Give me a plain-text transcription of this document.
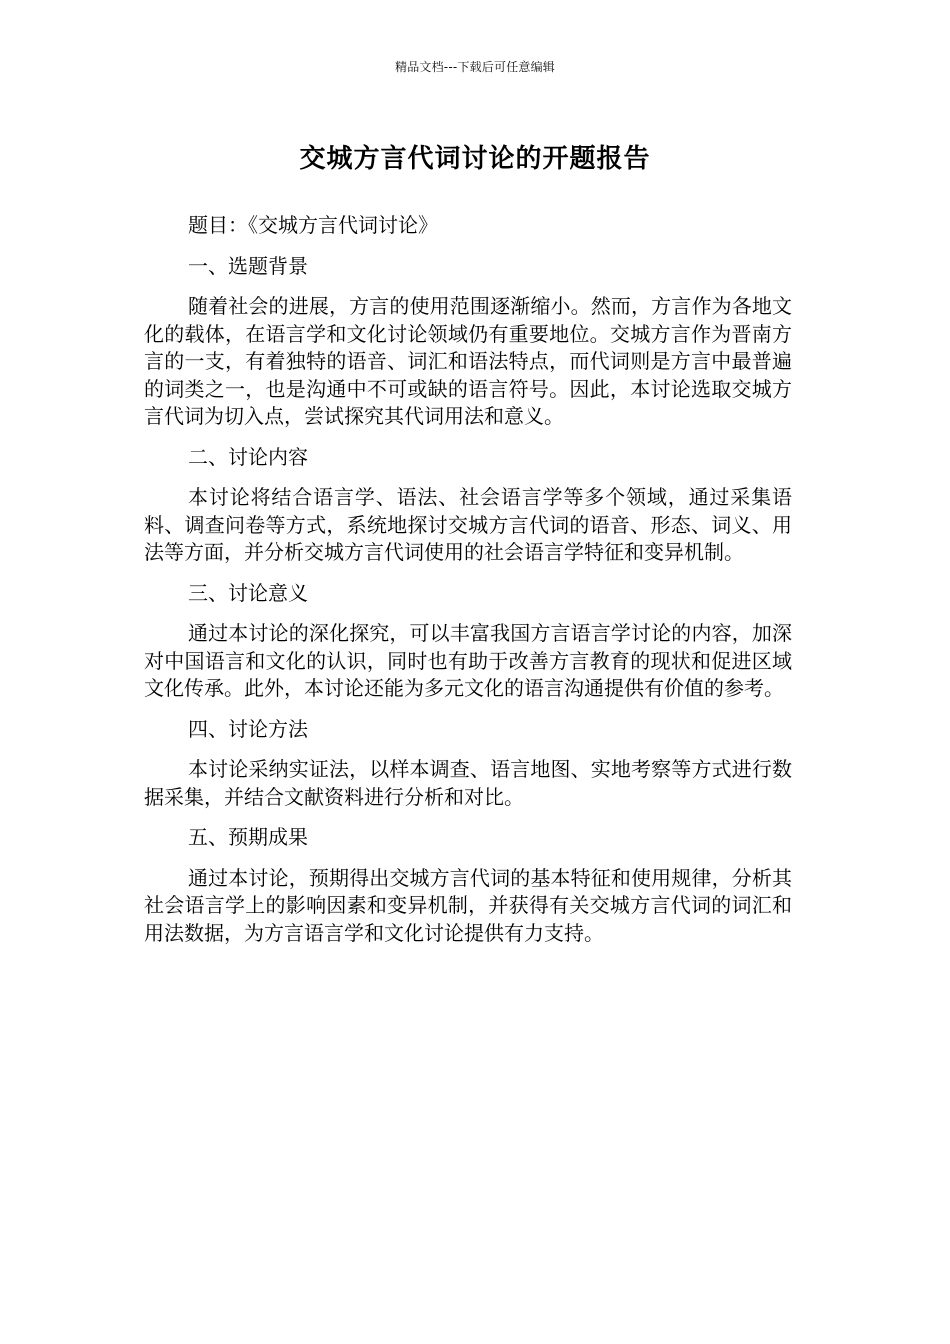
精品文档---下载后可任意编辑
交城方言代词讨论的开题报告

题目：《交城方言代词讨论》

一、选题背景

随着社会的进展，方言的使用范围逐渐缩小。然而，方言作为各地文化的载体，在语言学和文化讨论领域仍有重要地位。交城方言作为晋南方言的一支，有着独特的语音、词汇和语法特点，而代词则是方言中最普遍的词类之一，也是沟通中不可或缺的语言符号。因此，本讨论选取交城方言代词为切入点，尝试探究其代词用法和意义。

二、讨论内容

本讨论将结合语言学、语法、社会语言学等多个领域，通过采集语料、调查问卷等方式，系统地探讨交城方言代词的语音、形态、词义、用法等方面，并分析交城方言代词使用的社会语言学特征和变异机制。

三、讨论意义

通过本讨论的深化探究，可以丰富我国方言语言学讨论的内容，加深对中国语言和文化的认识，同时也有助于改善方言教育的现状和促进区域文化传承。此外，本讨论还能为多元文化的语言沟通提供有价值的参考。

四、讨论方法

本讨论采纳实证法，以样本调查、语言地图、实地考察等方式进行数据采集，并结合文献资料进行分析和对比。

五、预期成果

通过本讨论，预期得出交城方言代词的基本特征和使用规律，分析其社会语言学上的影响因素和变异机制，并获得有关交城方言代词的词汇和用法数据，为方言语言学和文化讨论提供有力支持。
